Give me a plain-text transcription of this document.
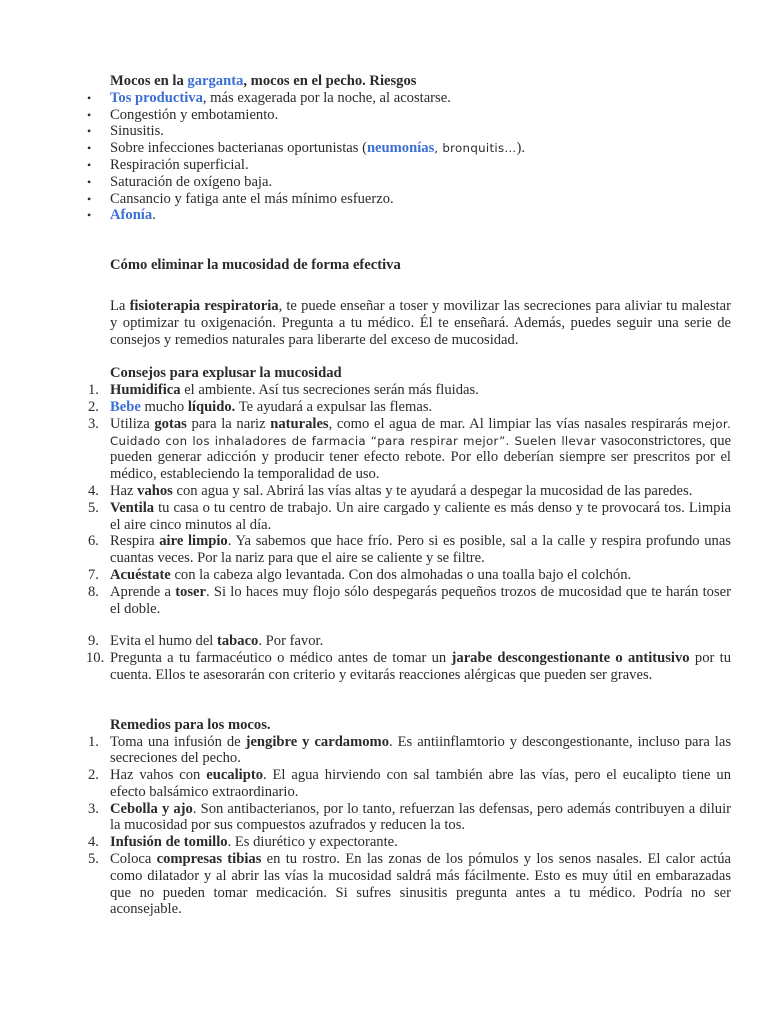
Mocos en la garganta, mocos en el pecho. Riesgos

• Tos productiva, más exagerada por la noche, al acostarse.
• Congestión y embotamiento.
• Sinusitis.
• Sobre infecciones bacterianas oportunistas (neumonías, bronquitis…).
• Respiración superficial.
• Saturación de oxígeno baja.
• Cansancio y fatiga ante el más mínimo esfuerzo.
• Afonía.

Cómo eliminar la mucosidad de forma efectiva

La fisioterapia respiratoria, te puede enseñar a toser y movilizar las secreciones para aliviar tu malestar y optimizar tu oxigenación. Pregunta a tu médico. Él te enseñará. Además, puedes seguir una serie de consejos y remedios naturales para liberarte del exceso de mucosidad.

Consejos para explusar la mucosidad

1. Humidifica el ambiente. Así tus secreciones serán más fluidas.
2. Bebe mucho líquido. Te ayudará a expulsar las flemas.
3. Utiliza gotas para la nariz naturales, como el agua de mar. Al limpiar las vías nasales respirarás mejor. Cuidado con los inhaladores de farmacia “para respirar mejor”. Suelen llevar vasoconstrictores, que pueden generar adicción y producir tener efecto rebote. Por ello deberían siempre ser prescritos por el médico, estableciendo la temporalidad de uso.
4. Haz vahos con agua y sal. Abrirá las vías altas y te ayudará a despegar la mucosidad de las paredes.
5. Ventila tu casa o tu centro de trabajo. Un aire cargado y caliente es más denso y te provocará tos. Limpia el aire cinco minutos al día.
6. Respira aire limpio. Ya sabemos que hace frío. Pero si es posible, sal a la calle y respira profundo unas cuantas veces. Por la nariz para que el aire se caliente y se filtre.
7. Acuéstate con la cabeza algo levantada. Con dos almohadas o una toalla bajo el colchón.
8. Aprende a toser. Si lo haces muy flojo sólo despegarás pequeños trozos de mucosidad que te harán toser el doble.
9. Evita el humo del tabaco. Por favor.
10. Pregunta a tu farmacéutico o médico antes de tomar un jarabe descongestionante o antitusivo por tu cuenta. Ellos te asesorarán con criterio y evitarás reacciones alérgicas que pueden ser graves.

Remedios para los mocos.

1. Toma una infusión de jengibre y cardamomo. Es antiinflamtorio y descongestionante, incluso para las secreciones del pecho.
2. Haz vahos con eucalipto. El agua hirviendo con sal también abre las vías, pero el eucalipto tiene un efecto balsámico extraordinario.
3. Cebolla y ajo. Son antibacterianos, por lo tanto, refuerzan las defensas, pero además contribuyen a diluir la mucosidad por sus compuestos azufrados y reducen la tos.
4. Infusión de tomillo. Es diurético y expectorante.
5. Coloca compresas tibias en tu rostro. En las zonas de los pómulos y los senos nasales. El calor actúa como dilatador y al abrir las vías la mucosidad saldrá más fácilmente. Esto es muy útil en embarazadas que no pueden tomar medicación. Si sufres sinusitis pregunta antes a tu médico. Podría no ser aconsejable.
